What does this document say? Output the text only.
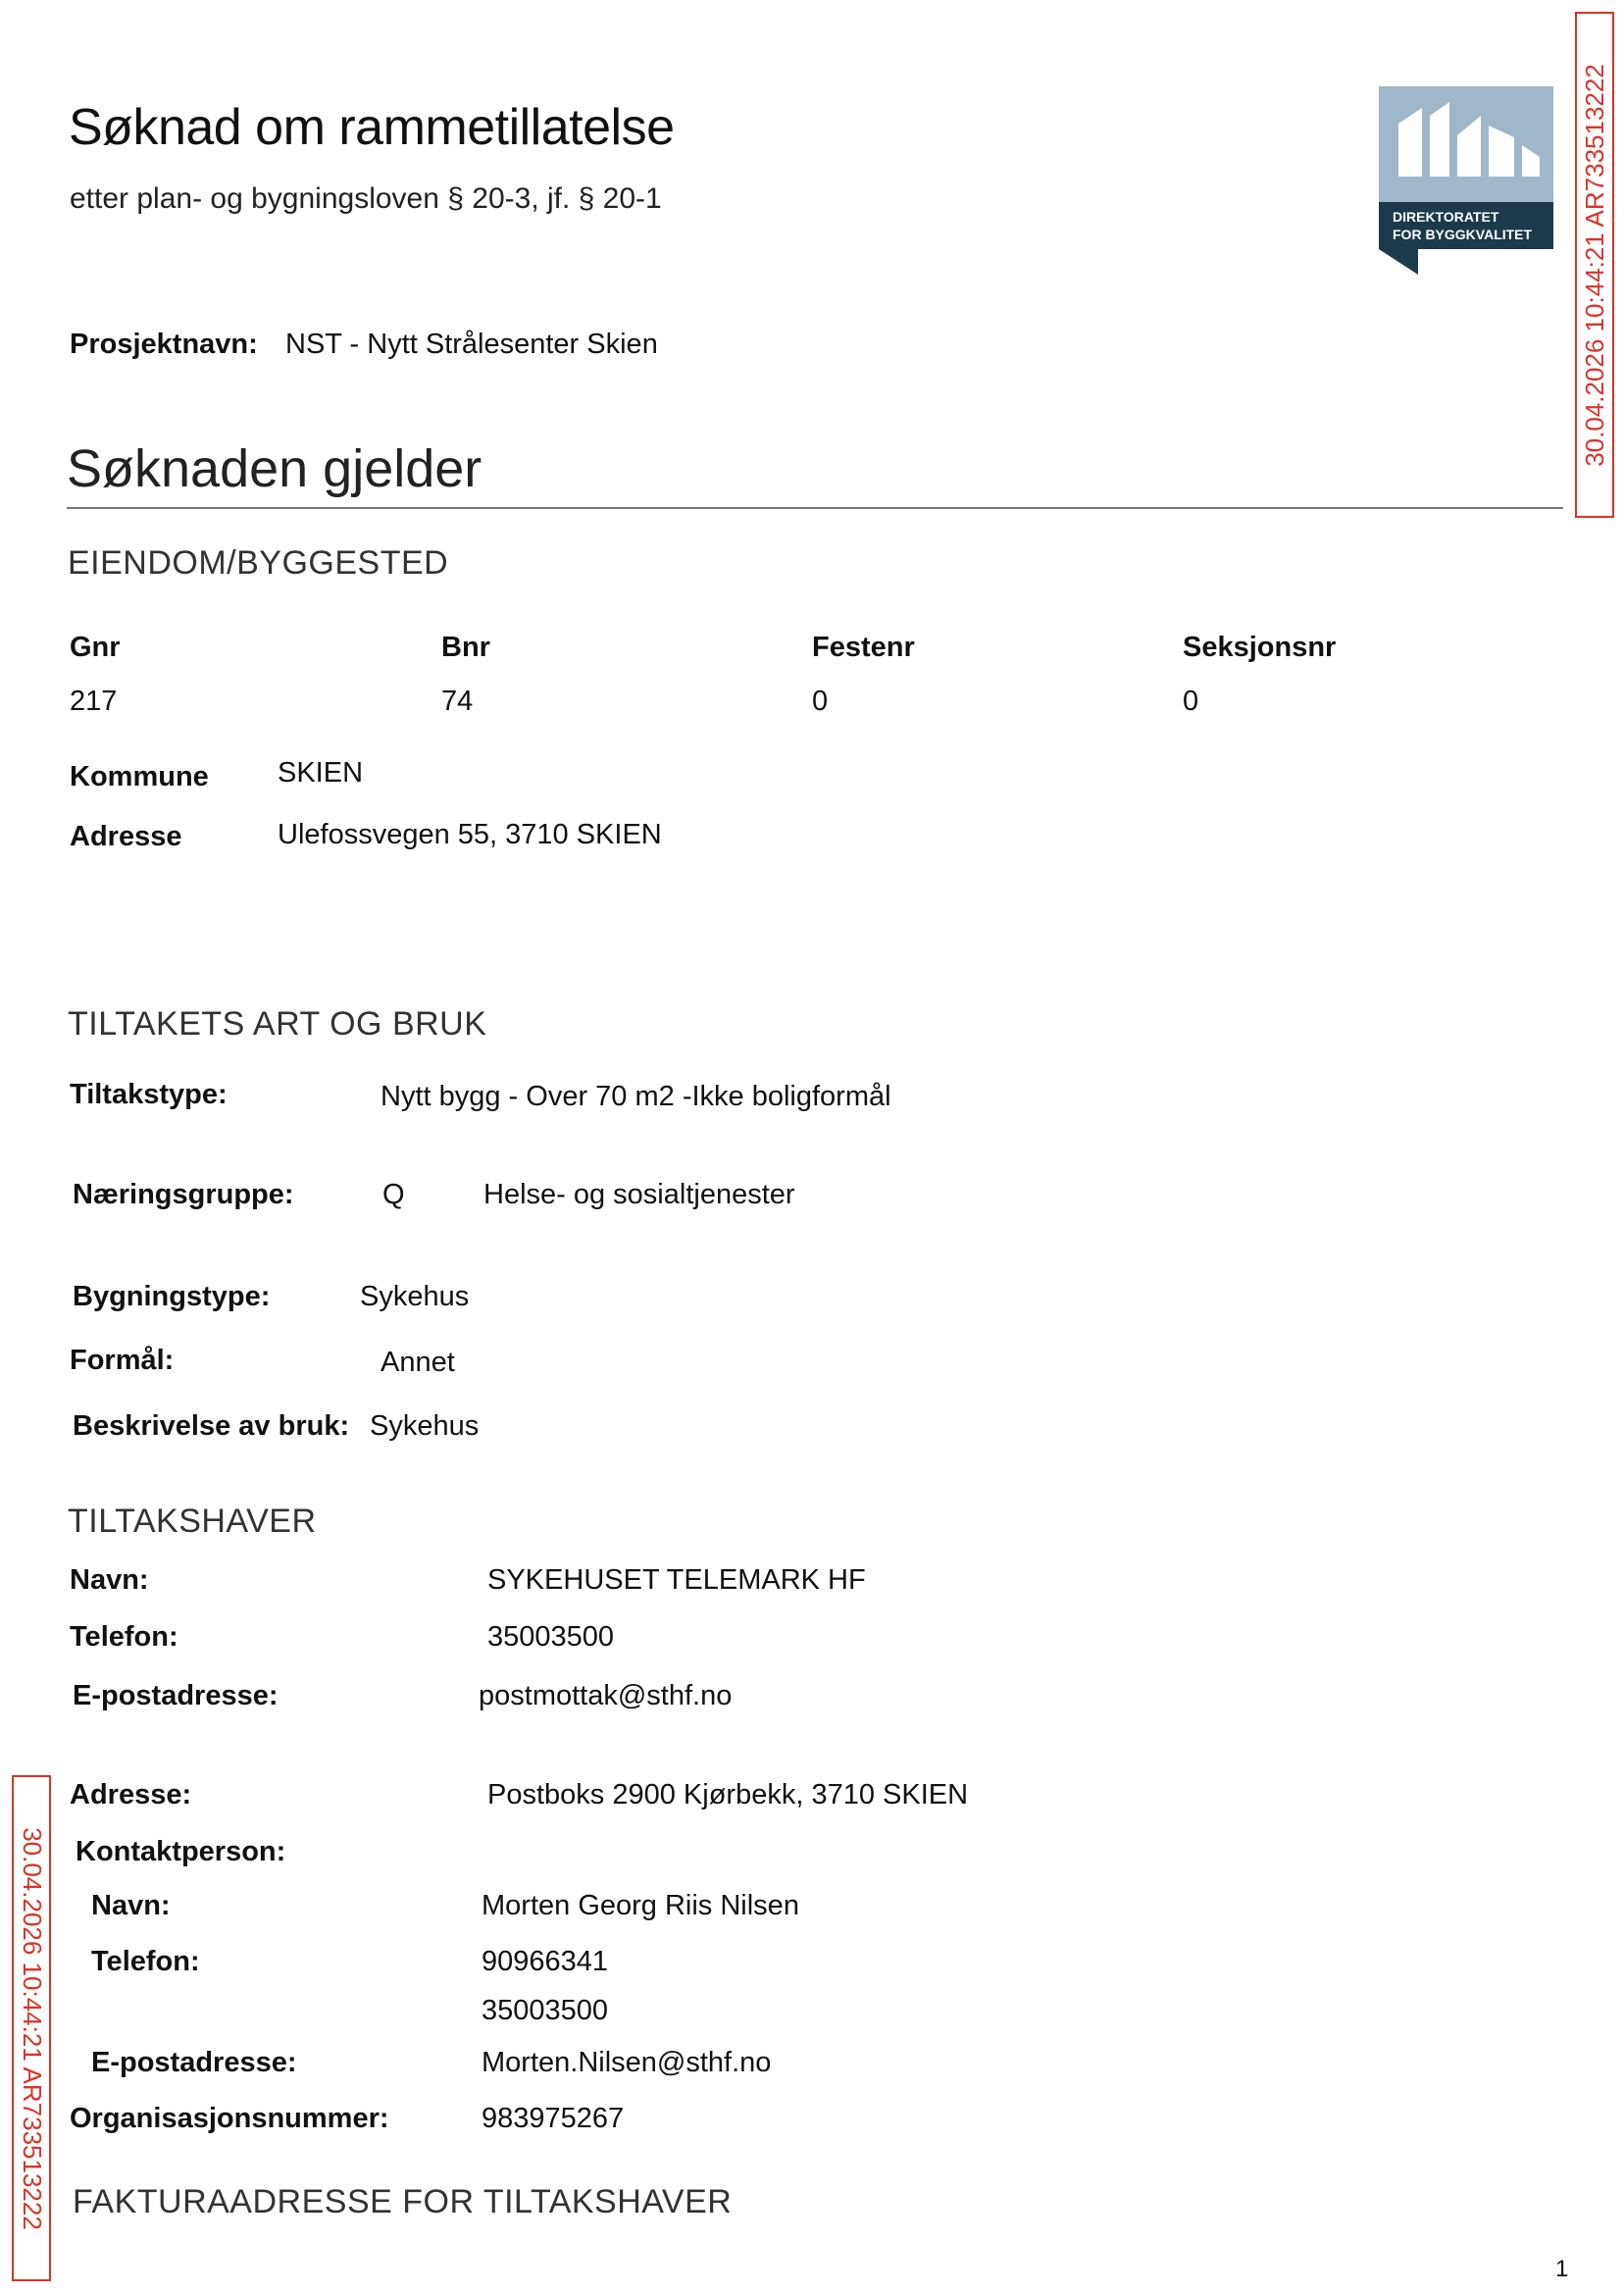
Søknad om rammetillatelse
etter plan- og bygningsloven § 20-3, jf. § 20-1
DIREKTORATET
FOR BYGGKVALITET 30.04.2026 10:44:21 AR733513222
30.04.2026 10:44:21 AR733513222
Prosjektnavn: NST - Nytt Strålesenter Skien
Søknaden gjelder
EIENDOM/BYGGESTED
Gnr	Bnr	Festenr	Seksjonsnr
217	74	0	0
Kommune SKIEN
Adresse	Ulefossvegen 55, 3710 SKIEN
TILTAKETS ART OG BRUK
Tiltakstype:	Nytt bygg - Over 70 m2 -Ikke boligformål
Næringsgruppe:	Q	Helse- og sosialtjenester
Bygningstype:	Sykehus
Formål:	Annet
Beskrivelse av bruk: Sykehus
TILTAKSHAVER
Navn:	SYKEHUSET TELEMARK HF
Telefon:	35003500
E-postadresse:	postmottak@sthf.no
Adresse:	Postboks 2900 Kjørbekk, 3710 SKIEN
Kontaktperson:
Navn:	Morten Georg Riis Nilsen
Telefon:	90966341
35003500
E-postadresse:	Morten.Nilsen@sthf.no
Organisasjonsnummer:	983975267
FAKTURAADRESSE FOR TILTAKSHAVER
1
